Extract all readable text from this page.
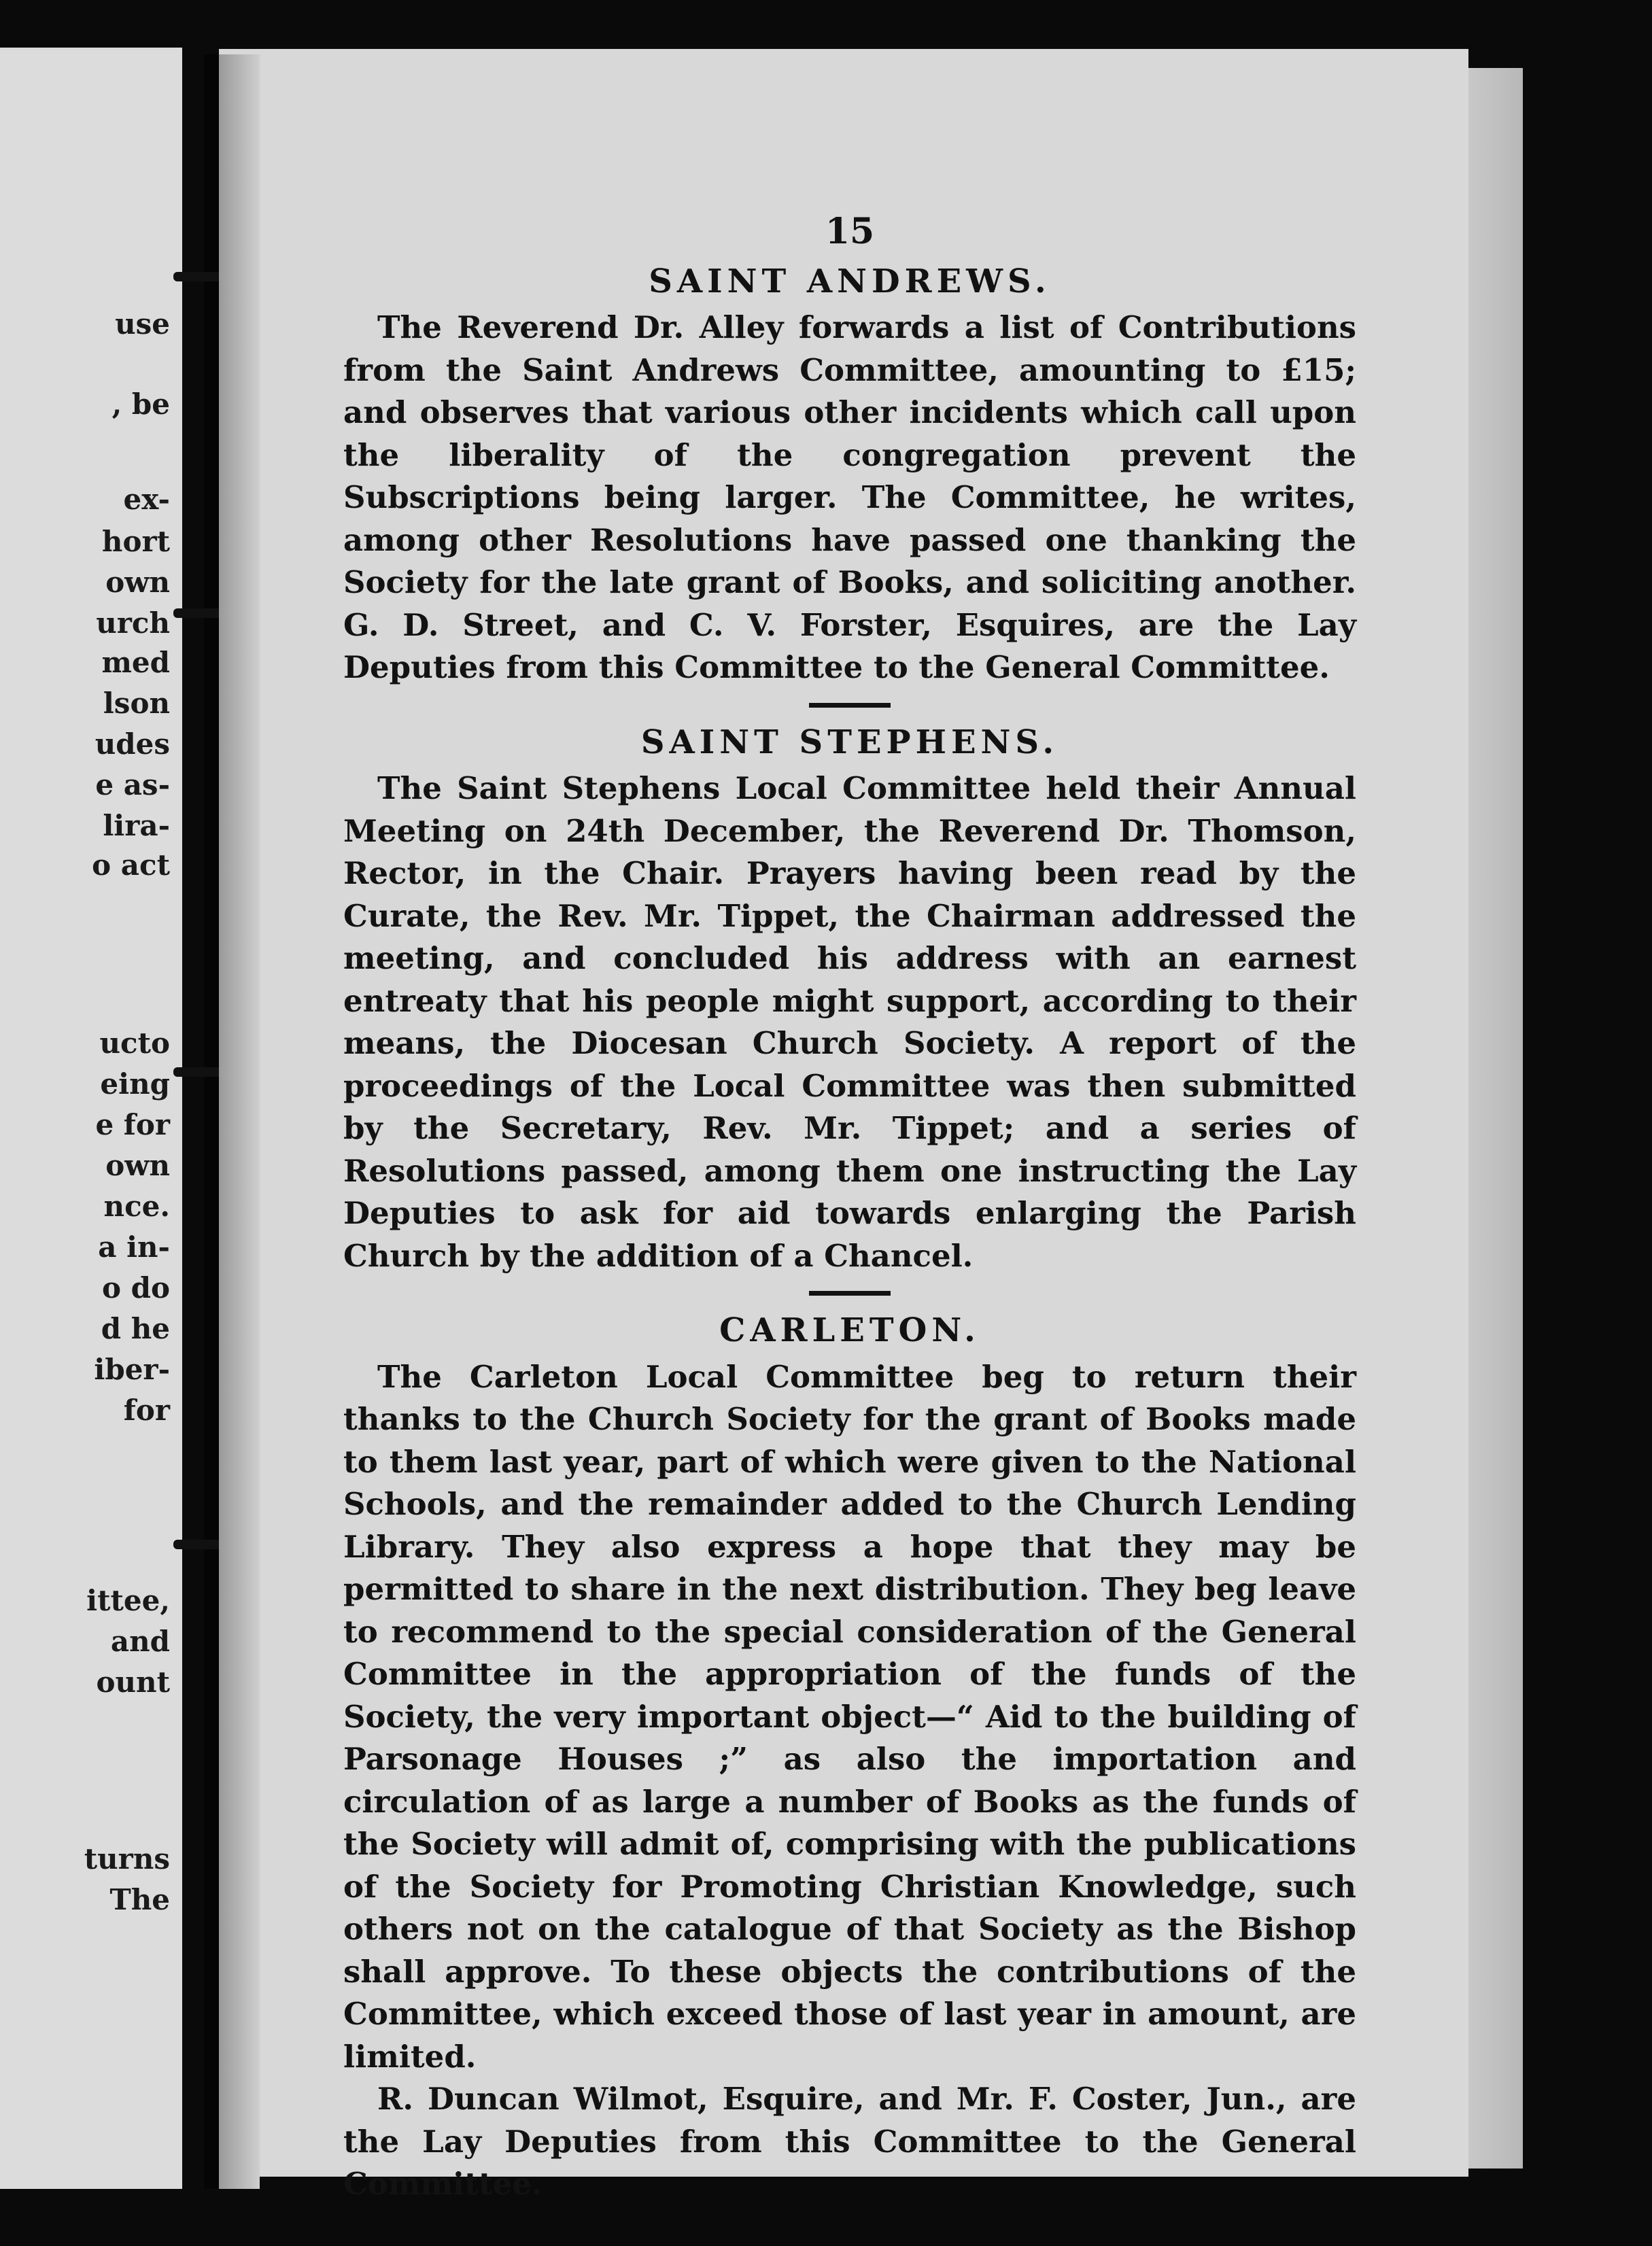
use
, be
ex-
hort
own
urch
med
lson
udes
e as-
lira-
o act
ucto
eing
e for
own
nce.
a in-
o do
d he
iber-
for
ittee,
and
ount
turns
The
15
SAINT ANDREWS.

The Reverend Dr. Alley forwards a list of Contributions from the Saint Andrews Committee, amounting to £15; and observes that various other incidents which call upon the liberality of the congregation prevent the Subscriptions being larger. The Committee, he writes, among other Resolutions have passed one thanking the Society for the late grant of Books, and soliciting another. G. D. Street, and C. V. Forster, Esquires, are the Lay Deputies from this Committee to the General Committee.

SAINT STEPHENS.

The Saint Stephens Local Committee held their Annual Meeting on 24th December, the Reverend Dr. Thomson, Rector, in the Chair. Prayers having been read by the Curate, the Rev. Mr. Tippet, the Chairman addressed the meeting, and concluded his address with an earnest entreaty that his people might support, according to their means, the Diocesan Church Society. A report of the proceedings of the Local Committee was then submitted by the Secretary, Rev. Mr. Tippet; and a series of Resolutions passed, among them one instructing the Lay Deputies to ask for aid towards enlarging the Parish Church by the addition of a Chancel.

CARLETON.

The Carleton Local Committee beg to return their thanks to the Church Society for the grant of Books made to them last year, part of which were given to the National Schools, and the remainder added to the Church Lending Library. They also express a hope that they may be permitted to share in the next distribution. They beg leave to recommend to the special consideration of the General Committee in the appropriation of the funds of the Society, the very important object—“ Aid to the building of Parsonage Houses ;” as also the importation and circulation of as large a number of Books as the funds of the Society will admit of, comprising with the publications of the Society for Promoting Christian Knowledge, such others not on the catalogue of that Society as the Bishop shall approve. To these objects the contributions of the Committee, which exceed those of last year in amount, are limited.

R. Duncan Wilmot, Esquire, and Mr. F. Coster, Jun., are the Lay Deputies from this Committee to the General Committee.
